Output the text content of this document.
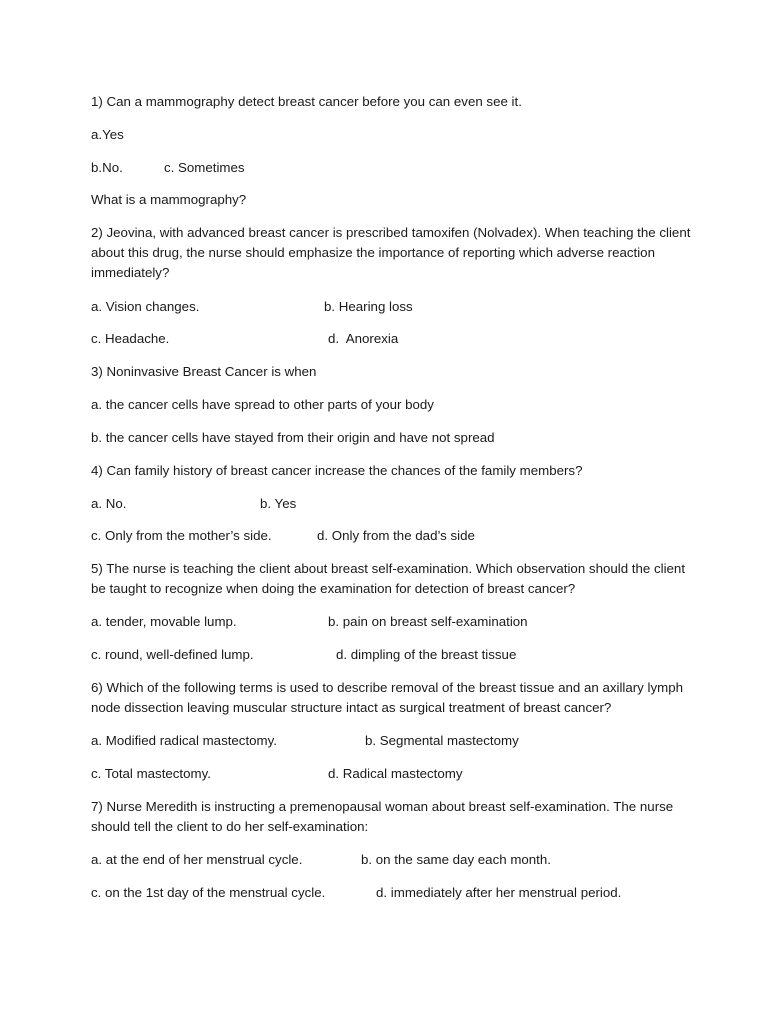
1) Can a mammography detect breast cancer before you can even see it.
a.Yes
b.No.	c. Sometimes
What is a mammography?
2) Jeovina, with advanced breast cancer is prescribed tamoxifen (Nolvadex). When teaching the client about this drug, the nurse should emphasize the importance of reporting which adverse reaction immediately?
a. Vision changes.	b. Hearing loss
c. Headache.	d.  Anorexia
3) Noninvasive Breast Cancer is when
a. the cancer cells have spread to other parts of your body
b. the cancer cells have stayed from their origin and have not spread
4) Can family history of breast cancer increase the chances of the family members?
a. No.	b. Yes
c. Only from the mother’s side.	d. Only from the dad’s side
5) The nurse is teaching the client about breast self-examination. Which observation should the client be taught to recognize when doing the examination for detection of breast cancer?
a. tender, movable lump.	b. pain on breast self-examination
c. round, well-defined lump.	d. dimpling of the breast tissue
6) Which of the following terms is used to describe removal of the breast tissue and an axillary lymph node dissection leaving muscular structure intact as surgical treatment of breast cancer?
a. Modified radical mastectomy.	b. Segmental mastectomy
c. Total mastectomy.	d. Radical mastectomy
7) Nurse Meredith is instructing a premenopausal woman about breast self-examination. The nurse should tell the client to do her self-examination:
a. at the end of her menstrual cycle.	b. on the same day each month.
c. on the 1st day of the menstrual cycle.	d. immediately after her menstrual period.
